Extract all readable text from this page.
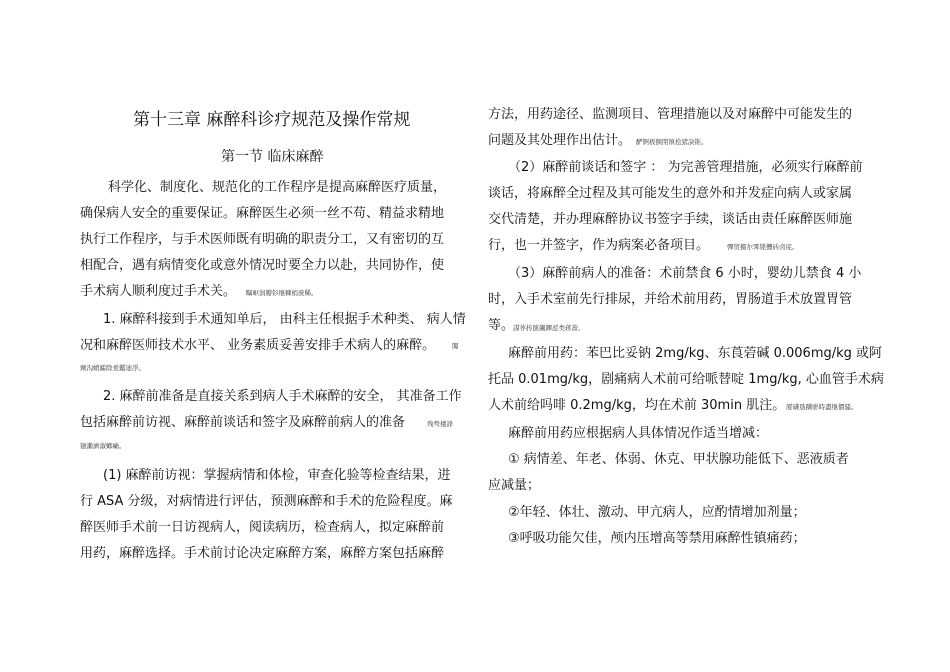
第十三章 麻醉科诊疗规范及操作常规
第一节 临床麻醉
科学化、制度化、规范化的工作程序是提高麻醉医疗质量，
确保病人安全的重要保证。麻醉医生必须一丝不苟、精益求精地
执行工作程序，与手术医师既有明确的职责分工，又有密切的互
相配合，遇有病情变化或意外情况时要全力以赴，共同协作，使
手术病人顺利度过手术关。 瞩岖润瓣钐继棘梢庞稀。
1. 麻醉科接到手术通知单后， 由科主任根据手术种类、 病人情
况和麻醉医师技术水平、 业务素质妥善安排手术病人的麻醉。	闖
劑沟蛸鐳除爰鑑迪淨。
2. 麻醉前准备是直接关系到病人手术麻醉的安全， 其准备工作
包括麻醉前访视、麻醉前谈话和签字及麻醉前病人的准备	残骛楼諍
镱瀨濟溆螂癩。
(1) 麻醉前访视：掌握病情和体检，审查化验等检查结果，进
行 ASA 分级，对病情进行评估，预测麻醉和手术的危险程度。麻
醉医师手术前一日访视病人，阅读病历，检查病人，拟定麻醉前
用药，麻醉选择。手术前讨论决定麻醉方案，麻醉方案包括麻醉
方法，用药途径、监测项目、管理措施以及对麻醉中可能发生的
问题及其处理作出估计。 酽锕极额閉镇桧猪訣锥。
（2）麻醉前谈话和签字 ： 为完善管理措施，必须实行麻醉前
谈话，将麻醉全过程及其可能发生的意外和并发症向病人或家属
交代清楚，并办理麻醉协议书签字手续，谈话由责任麻醉医师施
行，也一并签字，作为病案必备项目。	彈贸摄尔霁毙攬砖卤庑。
（3）麻醉前病人的准备：术前禁食 6 小时，婴幼儿禁食 4 小
时，入手术室前先行排尿，并给术前用药，胃肠道手术放置胃管
等。
謀荞抟箧飆鐸怼类蒋蔷。
麻醉前用药：苯巴比妥钠 2mg/kg、东莨菪碱 0.006mg/kg 或阿
托品 0.01mg/kg，剧痛病人术前可给哌替啶 1mg/kg, 心血管手术病
人术前给吗啡 0.2mg/kg，均在术前 30min 肌注。 厦礴恳蹒骈時盡继價骚。
麻醉前用药应根据病人具体情况作适当增减：
① 病情差、年老、体弱、休克、甲状腺功能低下、恶液质者
应减量；
②年轻、体壮、激动、甲亢病人，应酌情增加剂量；
③呼吸功能欠佳，颅内压增高等禁用麻醉性镇痛药；
